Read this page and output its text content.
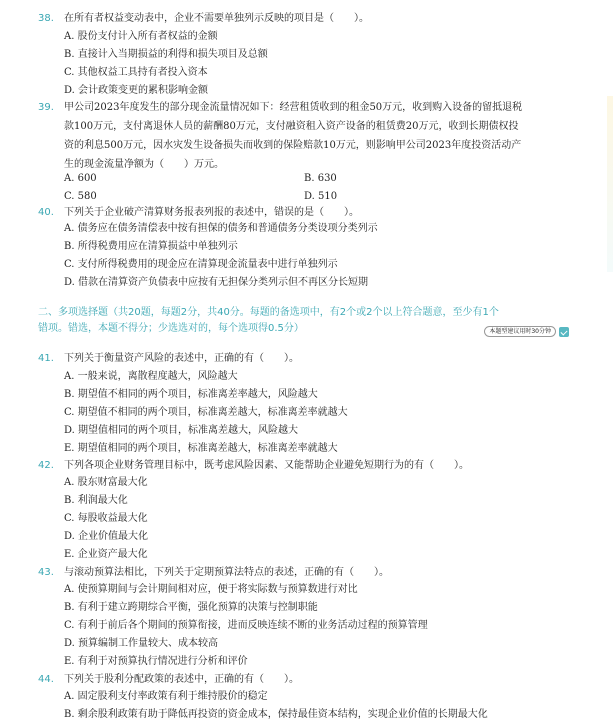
38. 在所有者权益变动表中，企业不需要单独列示反映的项目是（　　）。
A. 股份支付计入所有者权益的金额
B. 直接计入当期损益的利得和损失项目及总额
C. 其他权益工具持有者投入资本
D. 会计政策变更的累积影响金额
39. 甲公司2023年度发生的部分现金流量情况如下：经营租赁收到的租金50万元，收到购入设备的留抵退税
款100万元，支付离退休人员的薪酬80万元，支付融资租入资产设备的租赁费20万元，收到长期债权投
资的利息500万元，因水灾发生设备损失而收到的保险赔款10万元，则影响甲公司2023年度投资活动产
生的现金流量净额为（　　）万元。
A. 600	B. 630
C. 580	D. 510
40. 下列关于企业破产清算财务报表列报的表述中，错误的是（　　）。
A. 债务应在债务清偿表中按有担保的债务和普通债务分类设项分类列示
B. 所得税费用应在清算损益中单独列示
C. 支付所得税费用的现金应在清算现金流量表中进行单独列示
D. 借款在清算资产负债表中应按有无担保分类列示但不再区分长短期
二、多项选择题（共20题，每题2分，共40分。每题的备选项中，有2个或2个以上符合题意，至少有1个
错项。错选，本题不得分；少选选对的，每个选项得0.5分）	本题型建议用时30分钟
41. 下列关于衡量资产风险的表述中，正确的有（　　）。
A. 一般来说，离散程度越大，风险越大
B. 期望值不相同的两个项目，标准离差率越大，风险越大
C. 期望值不相同的两个项目，标准离差越大，标准离差率就越大
D. 期望值相同的两个项目，标准离差越大，风险越大
E. 期望值相同的两个项目，标准离差越大，标准离差率就越大
42. 下列各项企业财务管理目标中，既考虑风险因素、又能帮助企业避免短期行为的有（　　）。
A. 股东财富最大化
B. 利润最大化
C. 每股收益最大化
D. 企业价值最大化
E. 企业资产最大化
43. 与滚动预算法相比，下列关于定期预算法特点的表述，正确的有（　　）。
A. 使预算期间与会计期间相对应，便于将实际数与预算数进行对比
B. 有利于建立跨期综合平衡，强化预算的决策与控制职能
C. 有利于前后各个期间的预算衔接，进而反映连续不断的业务活动过程的预算管理
D. 预算编制工作量较大、成本较高
E. 有利于对预算执行情况进行分析和评价
44. 下列关于股利分配政策的表述中，正确的有（　　）。
A. 固定股利支付率政策有利于维持股价的稳定
B. 剩余股利政策有助于降低再投资的资金成本，保持最佳资本结构，实现企业价值的长期最大化
